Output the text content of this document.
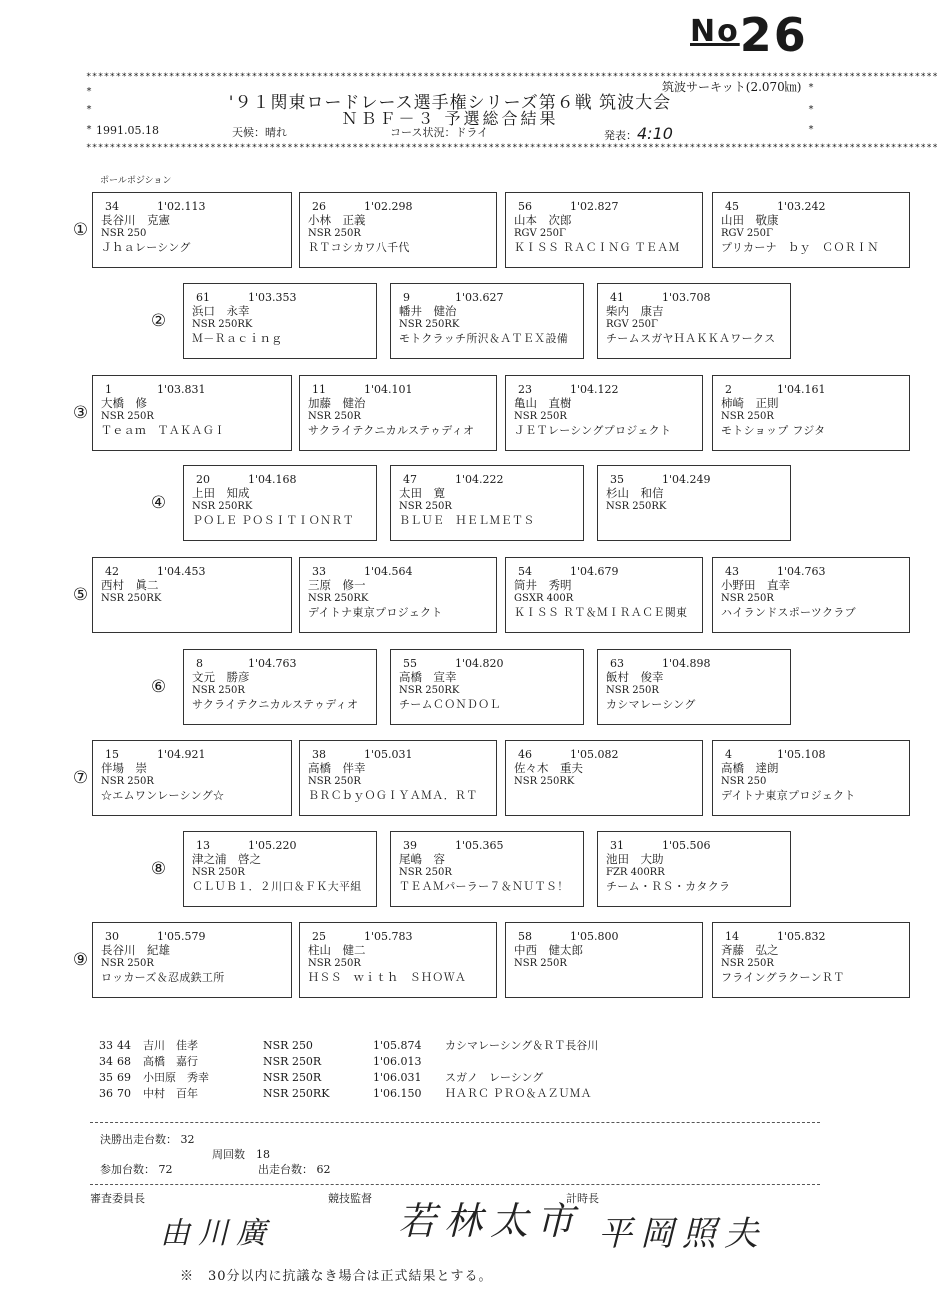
$^{No}$26
************************************************************************************************************************************************
*
*
*
*
*
*
筑波サーキット(2.070㎞)
'９１関東ロードレース選手権シリーズ第６戦 筑波大会
ＮＢＦ－３ 予選総合結果
1991.05.18	天候：晴れ	コース状況：ドライ	発表：4:10
************************************************************************************************************************************************
ポールポジション
①
34	1'02.113
長谷川　克憲
NSR 250
Ｊｈａレーシング
26	1'02.298
小林　正義
NSR 250R
ＲＴコシカワ八千代
56	1'02.827
山本　次郎
RGV 250Γ
ＫＩＳＳ ＲＡＣＩＮＧ ＴＥＡＭ
45	1'03.242
山田　敬康
RGV 250Γ
プリカーナ　ｂｙ　ＣＯＲＩＮ
②
61	1'03.353
浜口　永幸
NSR 250RK
Ｍ－Ｒａｃｉｎｇ
9	1'03.627
幡井　健治
NSR 250RK
モトクラッチ所沢＆ＡＴＥＸ設備
41	1'03.708
柴内　康吉
RGV 250Γ
チームスガヤＨＡＫＫＡワークス
③
1	1'03.831
大橋　修
NSR 250R
Ｔｅａｍ　ＴＡＫＡＧＩ
11	1'04.101
加藤　健治
NSR 250R
サクライテクニカルステゥディオ
23	1'04.122
亀山　直樹
NSR 250R
ＪＥＴレーシングプロジェクト
2	1'04.161
柿崎　正則
NSR 250R
モトショップ フジタ
④
20	1'04.168
上田　知成
NSR 250RK
ＰＯＬＥ ＰＯＳＩＴＩＯＮＲＴ
47	1'04.222
太田　寛
NSR 250R
ＢＬＵＥ　ＨＥＬＭＥＴＳ
35	1'04.249
杉山　和信
NSR 250RK
⑤
42	1'04.453
西村　眞二
NSR 250RK
33	1'04.564
三原　修一
NSR 250RK
デイトナ東京プロジェクト
54	1'04.679
筒井　秀明
GSXR 400R
ＫＩＳＳ ＲＴ＆ＭＩＲＡＣＥ関東
43	1'04.763
小野田　直幸
NSR 250R
ハイランドスポーツクラブ
⑥
8	1'04.763
文元　勝彦
NSR 250R
サクライテクニカルステゥディオ
55	1'04.820
高橋　宣幸
NSR 250RK
チームＣＯＮＤＯＬ
63	1'04.898
飯村　俊幸
NSR 250R
カシマレーシング
⑦
15	1'04.921
伴場　崇
NSR 250R
☆エムワンレーシング☆
38	1'05.031
高橋　伴幸
NSR 250R
ＢＲＣｂｙＯＧＩＹＡＭＡ．ＲＴ
46	1'05.082
佐々木　重夫
NSR 250RK
4	1'05.108
高橋　達朗
NSR 250
デイトナ東京プロジェクト
⑧
13	1'05.220
津之浦　啓之
NSR 250R
ＣＬＵＢ１．２川口＆ＦＫ大平組
39	1'05.365
尾嶋　容
NSR 250R
ＴＥＡＭパーラー７＆ＮＵＴＳ！
31	1'05.506
池田　大助
FZR 400RR
チーム・ＲＳ・カタクラ
⑨
30	1'05.579
長谷川　紀雄
NSR 250R
ロッカーズ＆忍成鉄工所
25	1'05.783
柱山　健二
NSR 250R
ＨＳＳ　ｗｉｔｈ　ＳＨＯＷＡ
58	1'05.800
中西　健太郎
NSR 250R
14	1'05.832
斉藤　弘之
NSR 250R
フライングラクーンＲＴ
33	44	吉川　佳孝	NSR 250	1'05.874	カシマレーシング＆ＲＴ長谷川
34	68	高橋　嘉行	NSR 250R	1'06.013	
35	69	小田原　秀幸	NSR 250R	1'06.031	スガノ　レーシング
36	70	中村　百年	NSR 250RK	1'06.150	ＨＡＲＣ ＰＲＯ＆ＡＺＵＭＡ
決勝出走台数： 32
周回数　 18
参加台数： 72	出走台数： 62
審査委員長
由川廣
競技監督
若林太市
計時長
平岡照夫
※　30分以内に抗議なき場合は正式結果とする。
